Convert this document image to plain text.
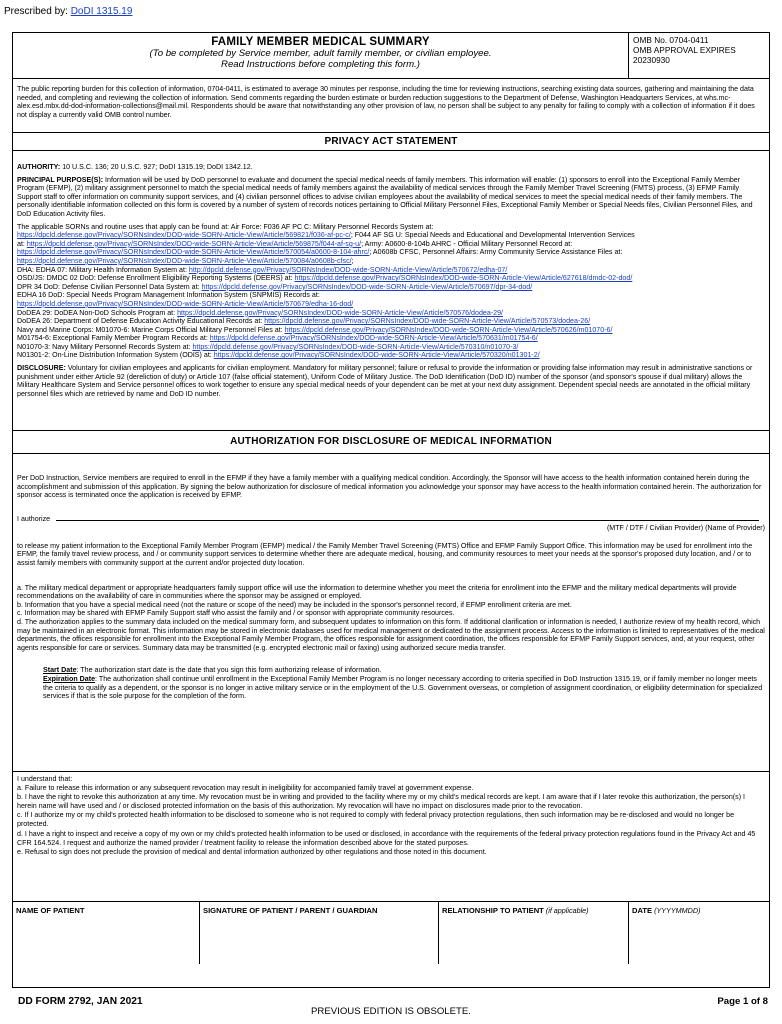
Prescribed by: DoDI 1315.19
FAMILY MEMBER MEDICAL SUMMARY
(To be completed by Service member, adult family member, or civilian employee.
Read Instructions before completing this form.)
OMB No. 0704-0411
OMB APPROVAL EXPIRES
20230930
The public reporting burden for this collection of information, 0704-0411, is estimated to average 30 minutes per response, including the time for reviewing instructions, searching existing data sources, gathering and maintaining the data needed, and completing and reviewing the collection of information. Send comments regarding the burden estimate or burden reduction suggestions to the Department of Defense, Washington Headquarters Services, at whs.mc-alex.esd.mbx.dd-dod-information-collections@mail.mil. Respondents should be aware that notwithstanding any other provision of law, no person shall be subject to any penalty for failing to comply with a collection of information if it does not display a currently valid OMB control number.
PRIVACY ACT STATEMENT

AUTHORITY: 10 U.S.C. 136; 20 U.S.C. 927; DoDI 1315.19; DoDI 1342.12.

PRINCIPAL PURPOSE(S): Information will be used by DoD personnel to evaluate and document the special medical needs of family members. This information will enable: (1) sponsors to enroll into the Exceptional Family Member Program (EFMP), (2) military assignment personnel to match the special medical needs of family members against the availability of medical services through the Family Member Travel Screening (FMTS) process, (3) EFMP Family Support staff to offer information on community support services, and (4) civilian personnel offices to advise civilian employees about the availability of medical services to meet the special medical needs of their family members. The personally identifiable information collected on this form is covered by a number of system of records notices pertaining to Official Military Personnel Files, Exceptional Family Member or Special Needs files, Civilian Personnel Files, and DoD Education Activity files.

The applicable SORNs and routine uses that apply can be found at: Air Force: F036 AF PC C: Military Personnel Records System at:
https://dpcld.defense.gov/Privacy/SORNsIndex/DOD-wide-SORN-Article-View/Article/569821/f036-af-pc-c/; F044 AF SG U: Special Needs and Educational and Developmental Intervention Services
at: https://dpcld.defense.gov/Privacy/SORNsIndex/DOD-wide-SORN-Article-View/Article/569875/f044-af-sg-u/; Army: A0600-8-104b AHRC - Official Military Personnel Record at:
https://dpcld.defense.gov/Privacy/SORNsIndex/DOD-wide-SORN-Article-View/Article/570054/a0600-8-104-ahrc/; A0608b CFSC, Personnel Affairs: Army Community Service Assistance Files at:
https://dpcld.defense.gov/Privacy/SORNsIndex/DOD-wide-SORN-Article-View/Article/570084/a0608b-cfsc/;
DHA: EDHA 07: Military Health Information System at: http://dpcld.defense.gov/Privacy/SORNsIndex/DOD-wide-SORN-Article-View/Article/570672/edha-07/
OSD/JS: DMDC 02 DoD: Defense Enrollment Eligibility Reporting Systems (DEERS) at: https://dpcld.defense.gov/Privacy/SORNsIndex/DOD-wide-SORN-Article-View/Article/627618/dmdc-02-dod/
DPR 34 DoD: Defense Civilian Personnel Data System at: https://dpcld.defense.gov/Privacy/SORNsIndex/DOD-wide-SORN-Article-View/Article/570697/dpr-34-dod/
EDHA 16 DoD: Special Needs Program Management Information System (SNPMIS) Records at:
https://dpcld.defense.gov/Privacy/SORNsIndex/DOD-wide-SORN-Article-View/Article/570679/edha-16-dod/
DoDEA 29: DoDEA Non-DoD Schools Program at: https://dpcld.defense.gov/Privacy/SORNsIndex/DOD-wide-SORN-Article-View/Article/570576/dodea-29/
DoDEA 26: Department of Defense Education Activity Educational Records at: https://dpcld.defense.gov/Privacy/SORNsIndex/DOD-wide-SORN-Article-View/Article/570573/dodea-26/
Navy and Marine Corps: M01070-6: Marine Corps Official Military Personnel Files at: https://dpcld.defense.gov/Privacy/SORNsIndex/DOD-wide-SORN-Article-View/Article/570626/m01070-6/
M01754-6: Exceptional Family Member Program Records at: https://dpcld.defense.gov/Privacy/SORNsIndex/DOD-wide-SORN-Article-View/Article/570631/m01754-6/
N01070-3: Navy Military Personnel Records System at: https://dpcld.defense.gov/Privacy/SORNsIndex/DOD-wide-SORN-Article-View/Article/570310/n01070-3/
N01301-2: On-Line Distribution Information System (ODIS) at: https://dpcld.defense.gov/Privacy/SORNsIndex/DOD-wide-SORN-Article-View/Article/570320/n01301-2/

DISCLOSURE: Voluntary for civilian employees and applicants for civilian employment. Mandatory for military personnel; failure or refusal to provide the information or providing false information may result in administrative sanctions or punishment under either Article 92 (dereliction of duty) or Article 107 (false official statement), Uniform Code of Military Justice. The DoD Identification (DoD ID) number of the sponsor (and sponsor's spouse if dual military) allows the Military Healthcare System and Service personnel offices to work together to ensure any special medical needs of your dependent can be met at your next duty assignment. Dependent special needs are annotated in the official military personnel files which are retrieved by name and DoD ID number.

AUTHORIZATION FOR DISCLOSURE OF MEDICAL INFORMATION

Per DoD Instruction, Service members are required to enroll in the EFMP if they have a family member with a qualifying medical condition. Accordingly, the Sponsor will have access to the health information contained herein during the accomplishment and submission of this application. By signing the below authorization for disclosure of medical information you acknowledge your sponsor may have access to the health information contained herein. The authorization for sponsor access is terminated once the application is received by EFMP.

I authorize
(MTF / DTF / Civilian Provider) (Name of Provider)

to release my patient information to the Exceptional Family Member Program (EFMP) medical / the Family Member Travel Screening (FMTS) Office and EFMP Family Support Office. This information may be used for enrollment into the EFMP, the family travel review process, and / or community support services to determine whether there are adequate medical, housing, and community resources to meet your needs at the sponsor's proposed duty location, and / or to assist family members with community support at the current and/or projected duty location.

a. The military medical department or appropriate headquarters family support office will use the information to determine whether you meet the criteria for enrollment into the EFMP and the military medical departments will provide recommendations on the availability of care in communities where the sponsor may be assigned or employed.

b. Information that you have a special medical need (not the nature or scope of the need) may be included in the sponsor's personnel record, if EFMP enrollment criteria are met.

c. Information may be shared with EFMP Family Support staff who assist the family and / or sponsor with appropriate community resources.

d. The authorization applies to the summary data included on the medical summary form, and subsequent updates to information on this form. If additional clarification or information is needed, I authorize review of my health record, which may be maintained in an electronic format. This information may be stored in electronic databases used for medical management or dedicated to the assignment process. Access to the information is limited to representatives of the medical departments, the offices responsible for enrollment into the Exceptional Family Member Program, the offices responsible for assignment coordination, the offices responsible for EFMP Family Support services, and, at your request, other agents responsible for care or services. Summary data may be transmitted (e.g. encrypted electronic mail or faxing) using authorized secure media transfer.

Start Date: The authorization start date is the date that you sign this form authorizing release of information.

Expiration Date: The authorization shall continue until enrollment in the Exceptional Family Member Program is no longer necessary according to criteria specified in DoD Instruction 1315.19, or if family member no longer meets the criteria to qualify as a dependent, or the sponsor is no longer in active military service or in the employment of the U.S. Government overseas, or completion of assignment coordination, or eligibility determination for specialized services if that is the sole purpose for the completion of the form.

I understand that:

a. Failure to release this information or any subsequent revocation may result in ineligibility for accompanied family travel at government expense.

b. I have the right to revoke this authorization at any time. My revocation must be in writing and provided to the facility where my or my child's medical records are kept. I am aware that if I later revoke this authorization, the person(s) I herein name will have used and / or disclosed protected information on the basis of this authorization. My revocation will have no impact on disclosures made prior to the revocation.

c. If I authorize my or my child's protected health information to be disclosed to someone who is not required to comply with federal privacy protection regulations, then such information may be re-disclosed and would no longer be protected.

d. I have a right to inspect and receive a copy of my own or my child's protected health information to be used or disclosed, in accordance with the requirements of the federal privacy protection regulations found in the Privacy Act and 45 CFR 164.524. I request and authorize the named provider / treatment facility to release the information described above for the stated purposes.

e. Refusal to sign does not preclude the provision of medical and dental information authorized by other regulations and those noted in this document.

NAME OF PATIENT	SIGNATURE OF PATIENT / PARENT / GUARDIAN	RELATIONSHIP TO PATIENT (if applicable)	DATE (YYYYMMDD)
DD FORM 2792, JAN 2021
PREVIOUS EDITION IS OBSOLETE.
Page 1 of 8
